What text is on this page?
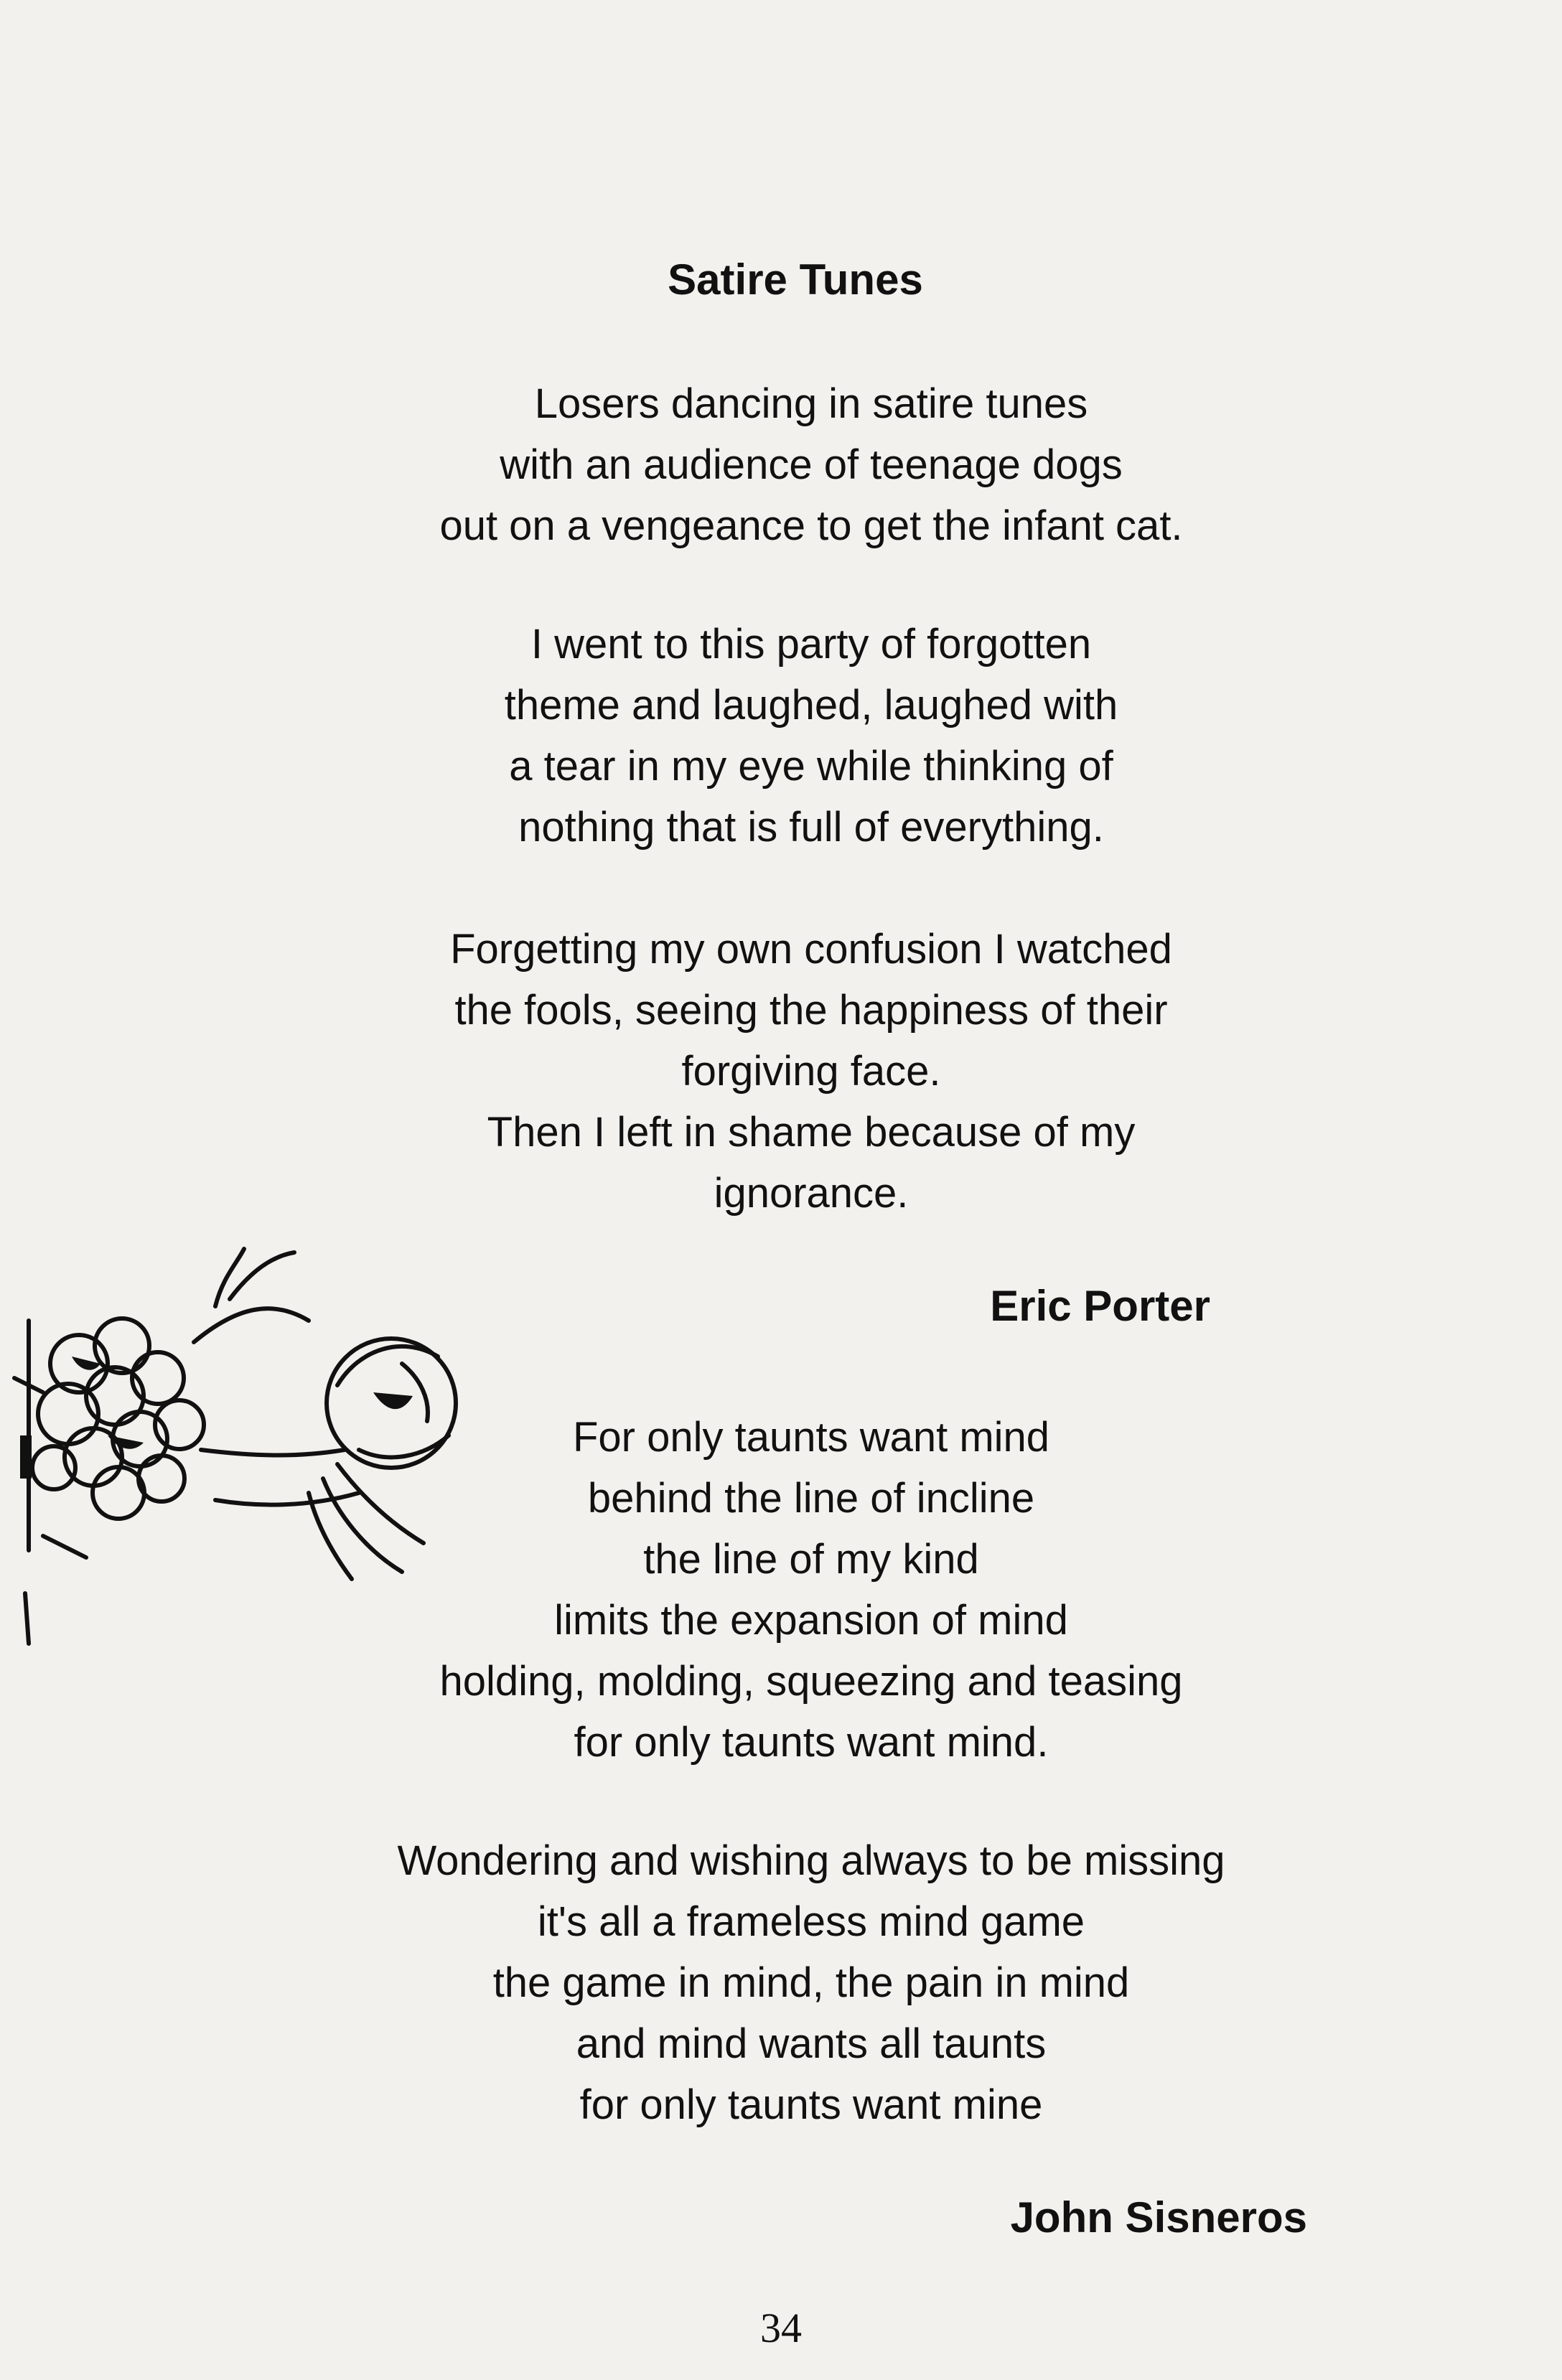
Satire Tunes
Losers dancing in satire tunes
with an audience of teenage dogs
out on a vengeance to get the infant cat.
I went to this party of forgotten
theme and laughed, laughed with
a tear in my eye while thinking of
nothing that is full of everything.
Forgetting my own confusion I watched
the fools, seeing the happiness of their
forgiving face.
Then I left in shame because of my
ignorance.
Eric Porter
For only taunts want mind
behind the line of incline
the line of my kind
limits the expansion of mind
holding, molding, squeezing and teasing
for only taunts want mind.
Wondering and wishing always to be missing
it's all a frameless mind game
the game in mind, the pain in mind
and mind wants all taunts
for only taunts want mine
John Sisneros
34
